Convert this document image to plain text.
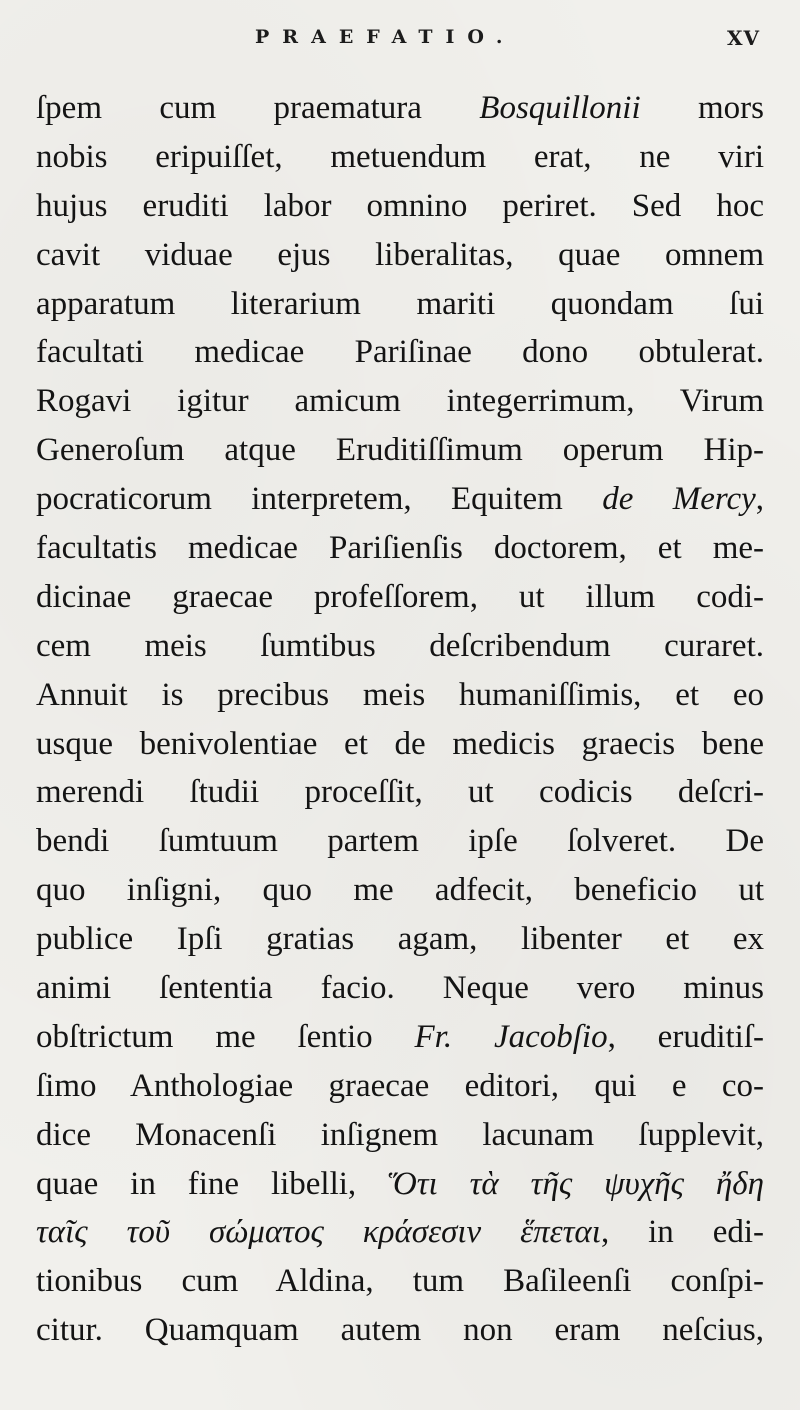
PRAEFATIO.	XV
ſpem cum praematura Bosquillonii mors
nobis eripuiſſet, metuendum erat, ne viri
hujus eruditi labor omnino periret. Sed hoc
cavit viduae ejus liberalitas, quae omnem
apparatum literarium mariti quondam ſui
facultati medicae Pariſinae dono obtulerat.
Rogavi igitur amicum integerrimum, Virum
Generoſum atque Eruditiſſimum operum Hip-
pocraticorum interpretem, Equitem de Mercy,
facultatis medicae Pariſienſis doctorem, et me-
dicinae graecae profeſſorem, ut illum codi-
cem meis ſumtibus deſcribendum curaret.
Annuit is precibus meis humaniſſimis, et eo
usque benivolentiae et de medicis graecis bene
merendi ſtudii proceſſit, ut codicis deſcri-
bendi ſumtuum partem ipſe ſolveret. De
quo inſigni, quo me adfecit, beneficio ut
publice Ipſi gratias agam, libenter et ex
animi ſententia facio. Neque vero minus
obſtrictum me ſentio Fr. Jacobſio, eruditiſ-
ſimo Anthologiae graecae editori, qui e co-
dice Monacenſi inſignem lacunam ſupplevit,
quae in fine libelli, Ὅτι τὰ τῆς ψυχῆς ἤδη
ταῖς τοῦ σώματος κράσεσιν ἕπεται, in edi-
tionibus cum Aldina, tum Baſileenſi conſpi-
citur. Quamquam autem non eram neſcius,
